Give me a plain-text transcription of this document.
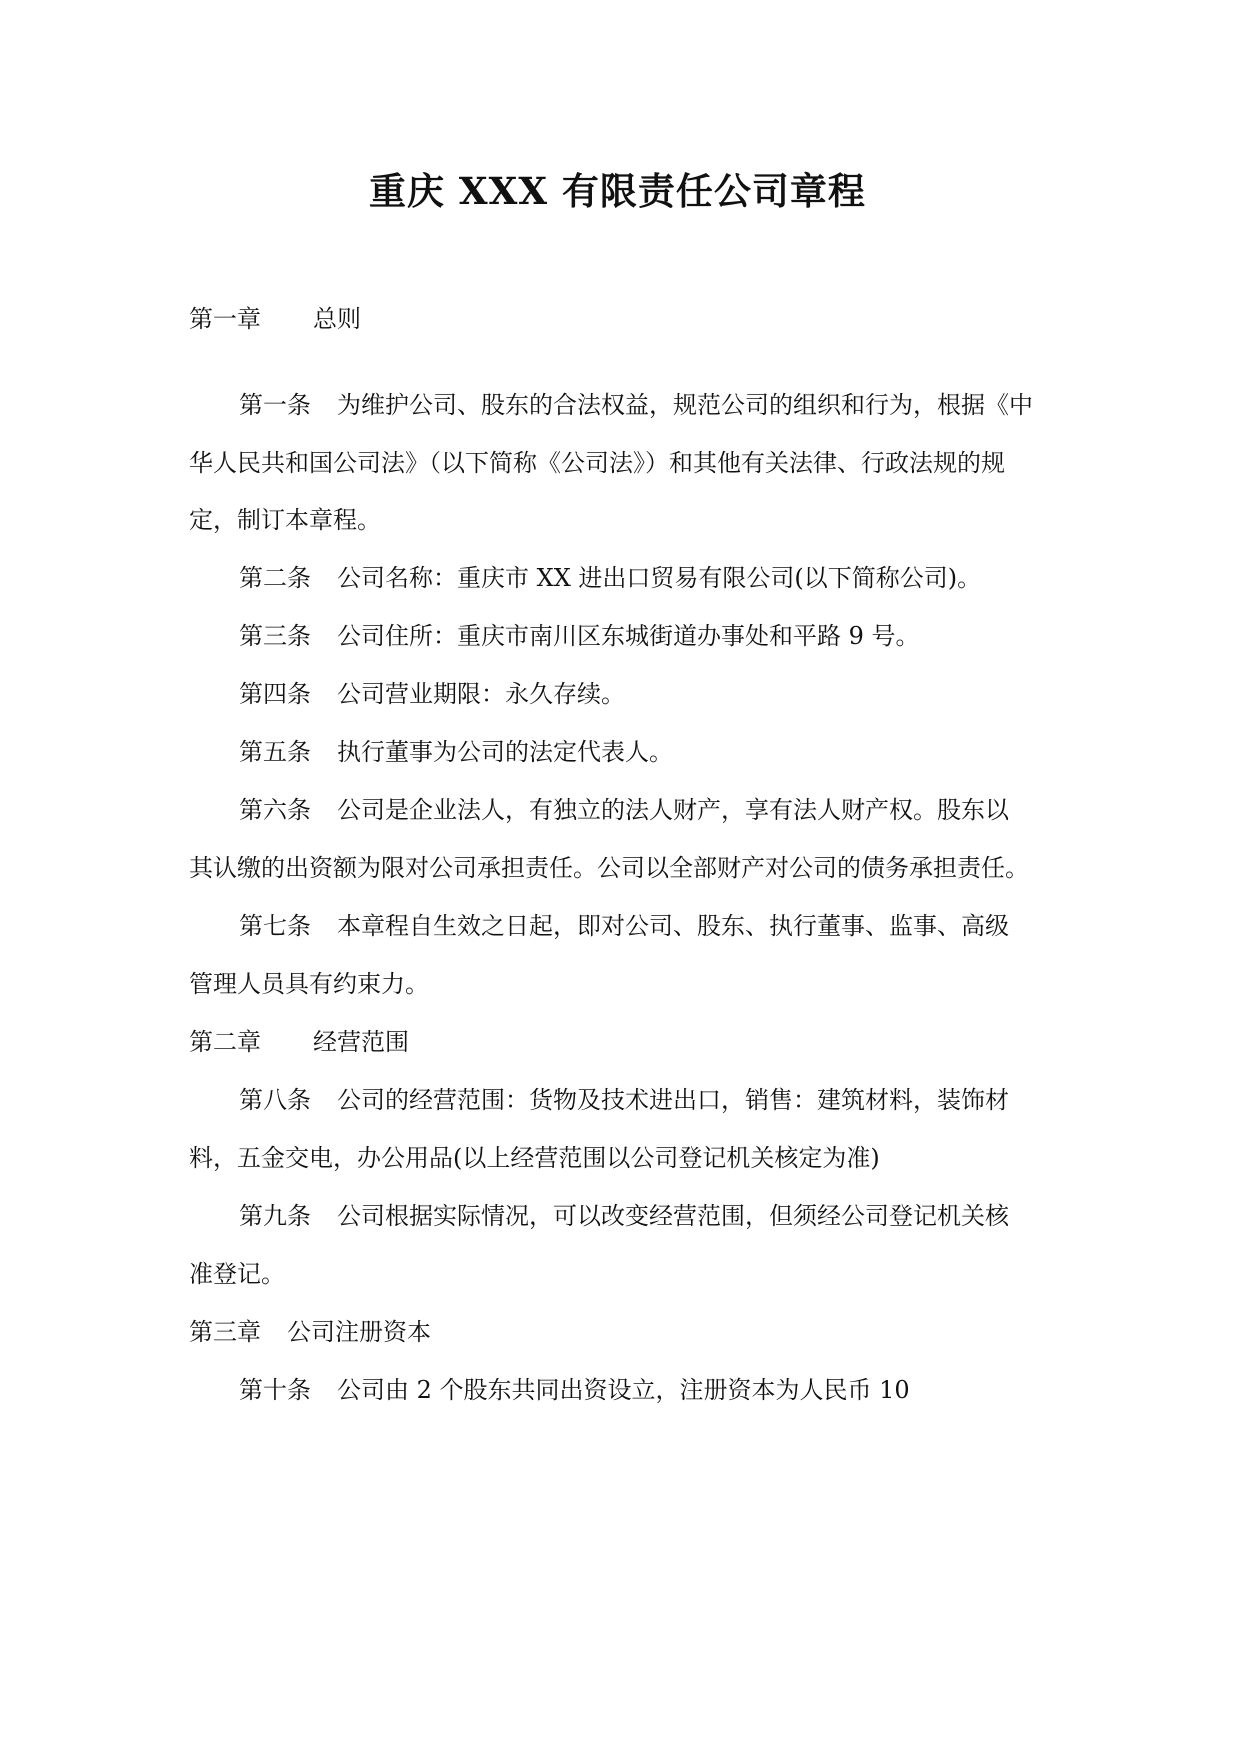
重庆 XXX 有限责任公司章程
第一章 总则
第一条 为维护公司、股东的合法权益，规范公司的组织和行为，根据《中
华人民共和国公司法》（以下简称《公司法》）和其他有关法律、行政法规的规
定，制订本章程。
第二条 公司名称：重庆市 XX 进出口贸易有限公司(以下简称公司)。
第三条 公司住所：重庆市南川区东城街道办事处和平路 9 号。
第四条 公司营业期限：永久存续。
第五条 执行董事为公司的法定代表人。
第六条 公司是企业法人，有独立的法人财产，享有法人财产权。股东以
其认缴的出资额为限对公司承担责任。公司以全部财产对公司的债务承担责任。
第七条 本章程自生效之日起，即对公司、股东、执行董事、监事、高级
管理人员具有约束力。
第二章 经营范围
第八条 公司的经营范围：货物及技术进出口，销售：建筑材料，装饰材
料，五金交电，办公用品(以上经营范围以公司登记机关核定为准)
第九条 公司根据实际情况，可以改变经营范围，但须经公司登记机关核
准登记。
第三章 公司注册资本
第十条 公司由 2 个股东共同出资设立，注册资本为人民币 10
